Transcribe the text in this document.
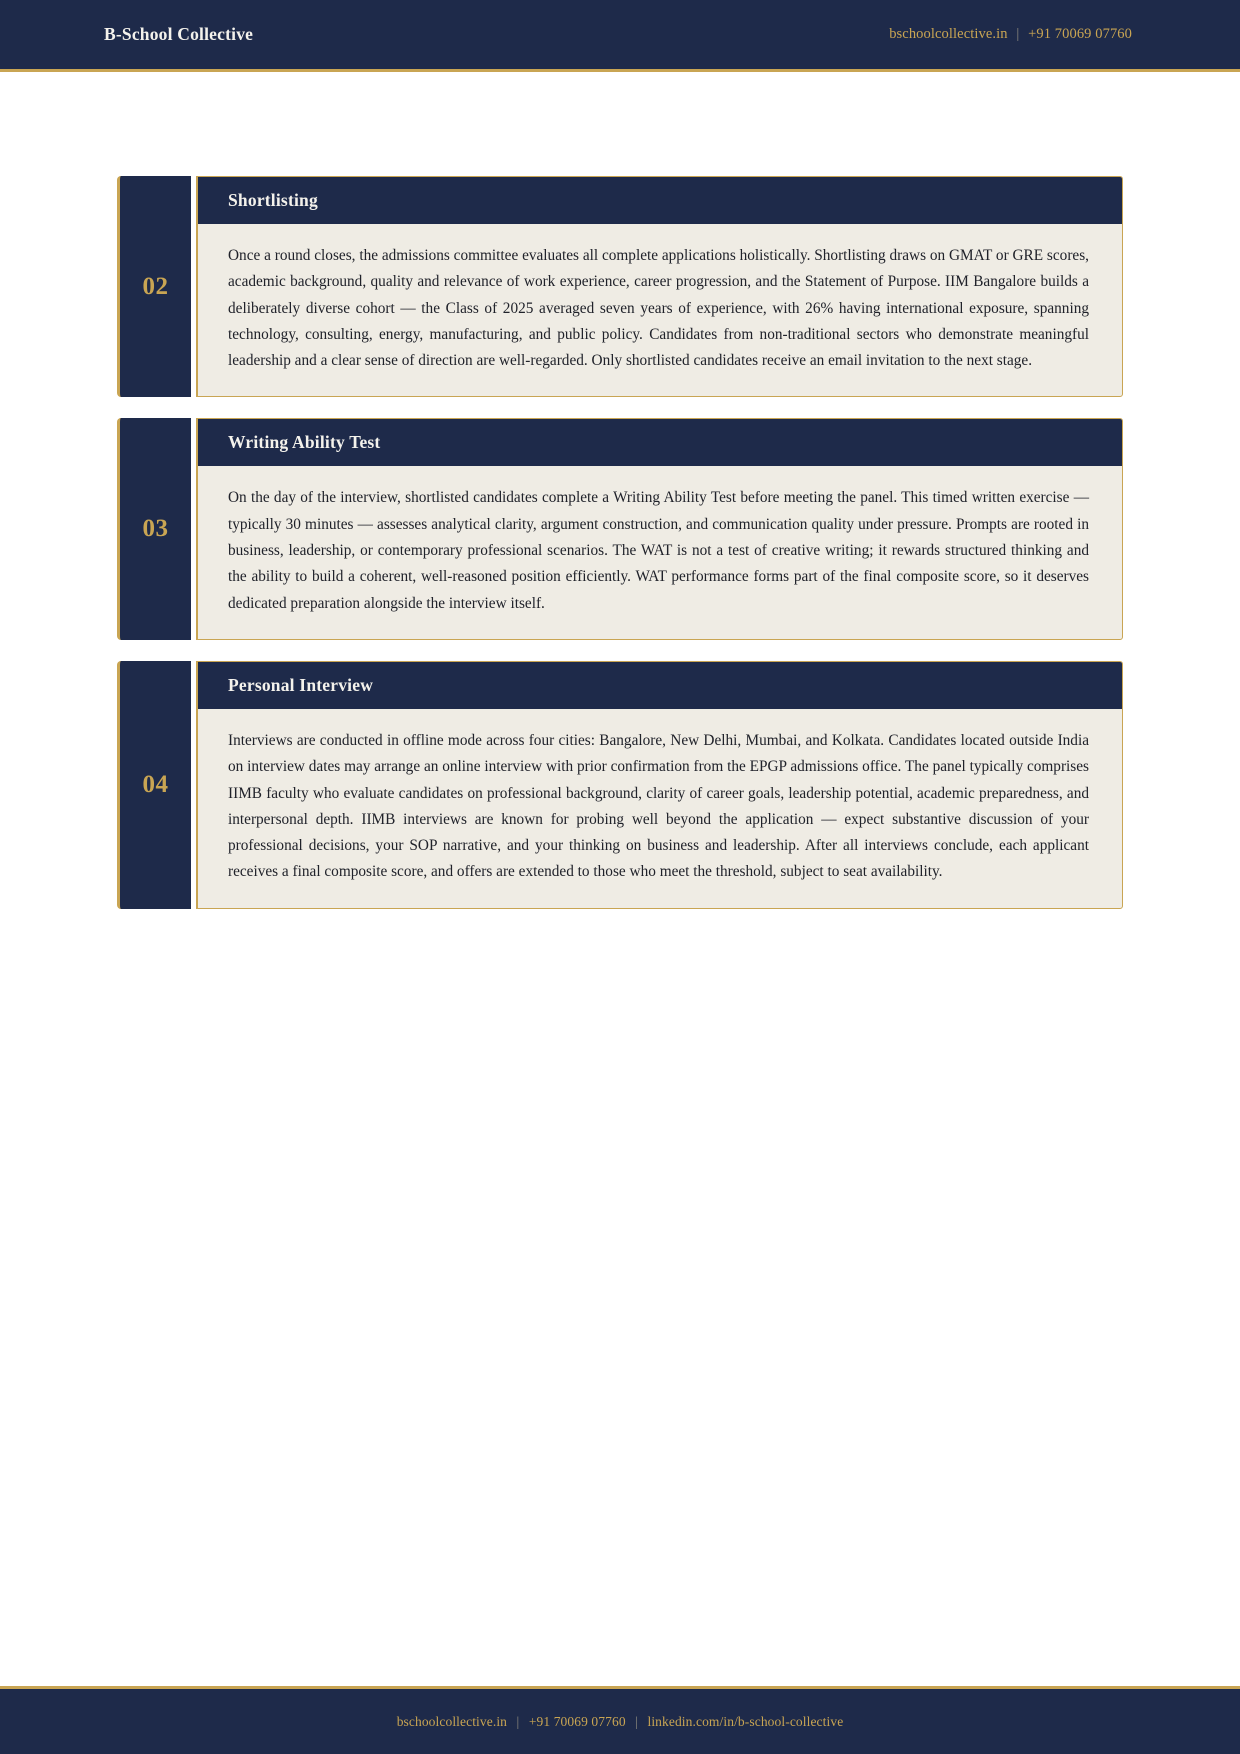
B-School Collective	bschoolcollective.in | +91 70069 07760
02
Shortlisting
Once a round closes, the admissions committee evaluates all complete applications holistically. Shortlisting draws on GMAT or GRE scores, academic background, quality and relevance of work experience, career progression, and the Statement of Purpose. IIM Bangalore builds a deliberately diverse cohort — the Class of 2025 averaged seven years of experience, with 26% having international exposure, spanning technology, consulting, energy, manufacturing, and public policy. Candidates from non-traditional sectors who demonstrate meaningful leadership and a clear sense of direction are well-regarded. Only shortlisted candidates receive an email invitation to the next stage.
03
Writing Ability Test
On the day of the interview, shortlisted candidates complete a Writing Ability Test before meeting the panel. This timed written exercise — typically 30 minutes — assesses analytical clarity, argument construction, and communication quality under pressure. Prompts are rooted in business, leadership, or contemporary professional scenarios. The WAT is not a test of creative writing; it rewards structured thinking and the ability to build a coherent, well-reasoned position efficiently. WAT performance forms part of the final composite score, so it deserves dedicated preparation alongside the interview itself.
04
Personal Interview
Interviews are conducted in offline mode across four cities: Bangalore, New Delhi, Mumbai, and Kolkata. Candidates located outside India on interview dates may arrange an online interview with prior confirmation from the EPGP admissions office. The panel typically comprises IIMB faculty who evaluate candidates on professional background, clarity of career goals, leadership potential, academic preparedness, and interpersonal depth. IIMB interviews are known for probing well beyond the application — expect substantive discussion of your professional decisions, your SOP narrative, and your thinking on business and leadership. After all interviews conclude, each applicant receives a final composite score, and offers are extended to those who meet the threshold, subject to seat availability.
bschoolcollective.in | +91 70069 07760 | linkedin.com/in/b-school-collective
